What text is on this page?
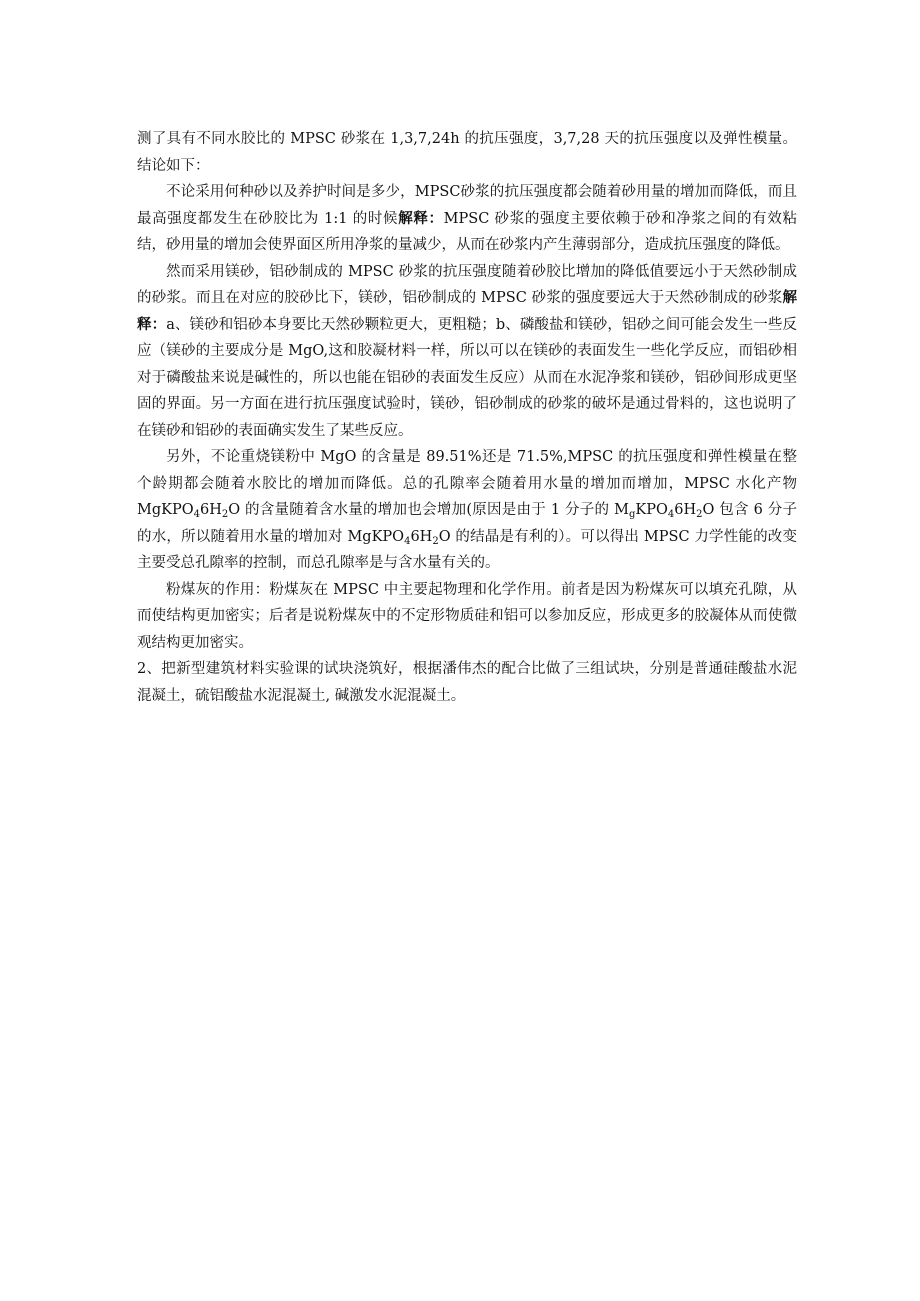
测了具有不同水胶比的 MPSC 砂浆在 1,3,7,24h 的抗压强度，3,7,28 天的抗压强度以及弹性模量。结论如下：

不论采用何种砂以及养护时间是多少，MPSC砂浆的抗压强度都会随着砂用量的增加而降低，而且最高强度都发生在砂胶比为 1:1 的时候解释：MPSC 砂浆的强度主要依赖于砂和净浆之间的有效粘结，砂用量的增加会使界面区所用净浆的量减少，从而在砂浆内产生薄弱部分，造成抗压强度的降低。

然而采用镁砂，铝砂制成的 MPSC 砂浆的抗压强度随着砂胶比增加的降低值要远小于天然砂制成的砂浆。而且在对应的胶砂比下，镁砂，铝砂制成的 MPSC 砂浆的强度要远大于天然砂制成的砂浆解释：a、镁砂和铝砂本身要比天然砂颗粒更大，更粗糙；b、磷酸盐和镁砂，铝砂之间可能会发生一些反应（镁砂的主要成分是 MgO,这和胶凝材料一样，所以可以在镁砂的表面发生一些化学反应，而铝砂相对于磷酸盐来说是碱性的，所以也能在铝砂的表面发生反应）从而在水泥净浆和镁砂，铝砂间形成更坚固的界面。另一方面在进行抗压强度试验时，镁砂，铝砂制成的砂浆的破坏是通过骨料的，这也说明了在镁砂和铝砂的表面确实发生了某些反应。

另外，不论重烧镁粉中 MgO 的含量是 89.51%还是 71.5%,MPSC 的抗压强度和弹性模量在整个龄期都会随着水胶比的增加而降低。总的孔隙率会随着用水量的增加而增加，MPSC 水化产物 $MgKPO_46H_2O$ 的含量随着含水量的增加也会增加(原因是由于 1 分子的 $M_gKPO_46H_2O$ 包含 6 分子的水，所以随着用水量的增加对 $MgKPO_46H_2O$ 的结晶是有利的）。可以得出 MPSC 力学性能的改变主要受总孔隙率的控制，而总孔隙率是与含水量有关的。

粉煤灰的作用：粉煤灰在 MPSC 中主要起物理和化学作用。前者是因为粉煤灰可以填充孔隙，从而使结构更加密实；后者是说粉煤灰中的不定形物质硅和铝可以参加反应，形成更多的胶凝体从而使微观结构更加密实。

2、把新型建筑材料实验课的试块浇筑好，根据潘伟杰的配合比做了三组试块，分别是普通硅酸盐水泥混凝土，硫铝酸盐水泥混凝土, 碱激发水泥混凝土。
